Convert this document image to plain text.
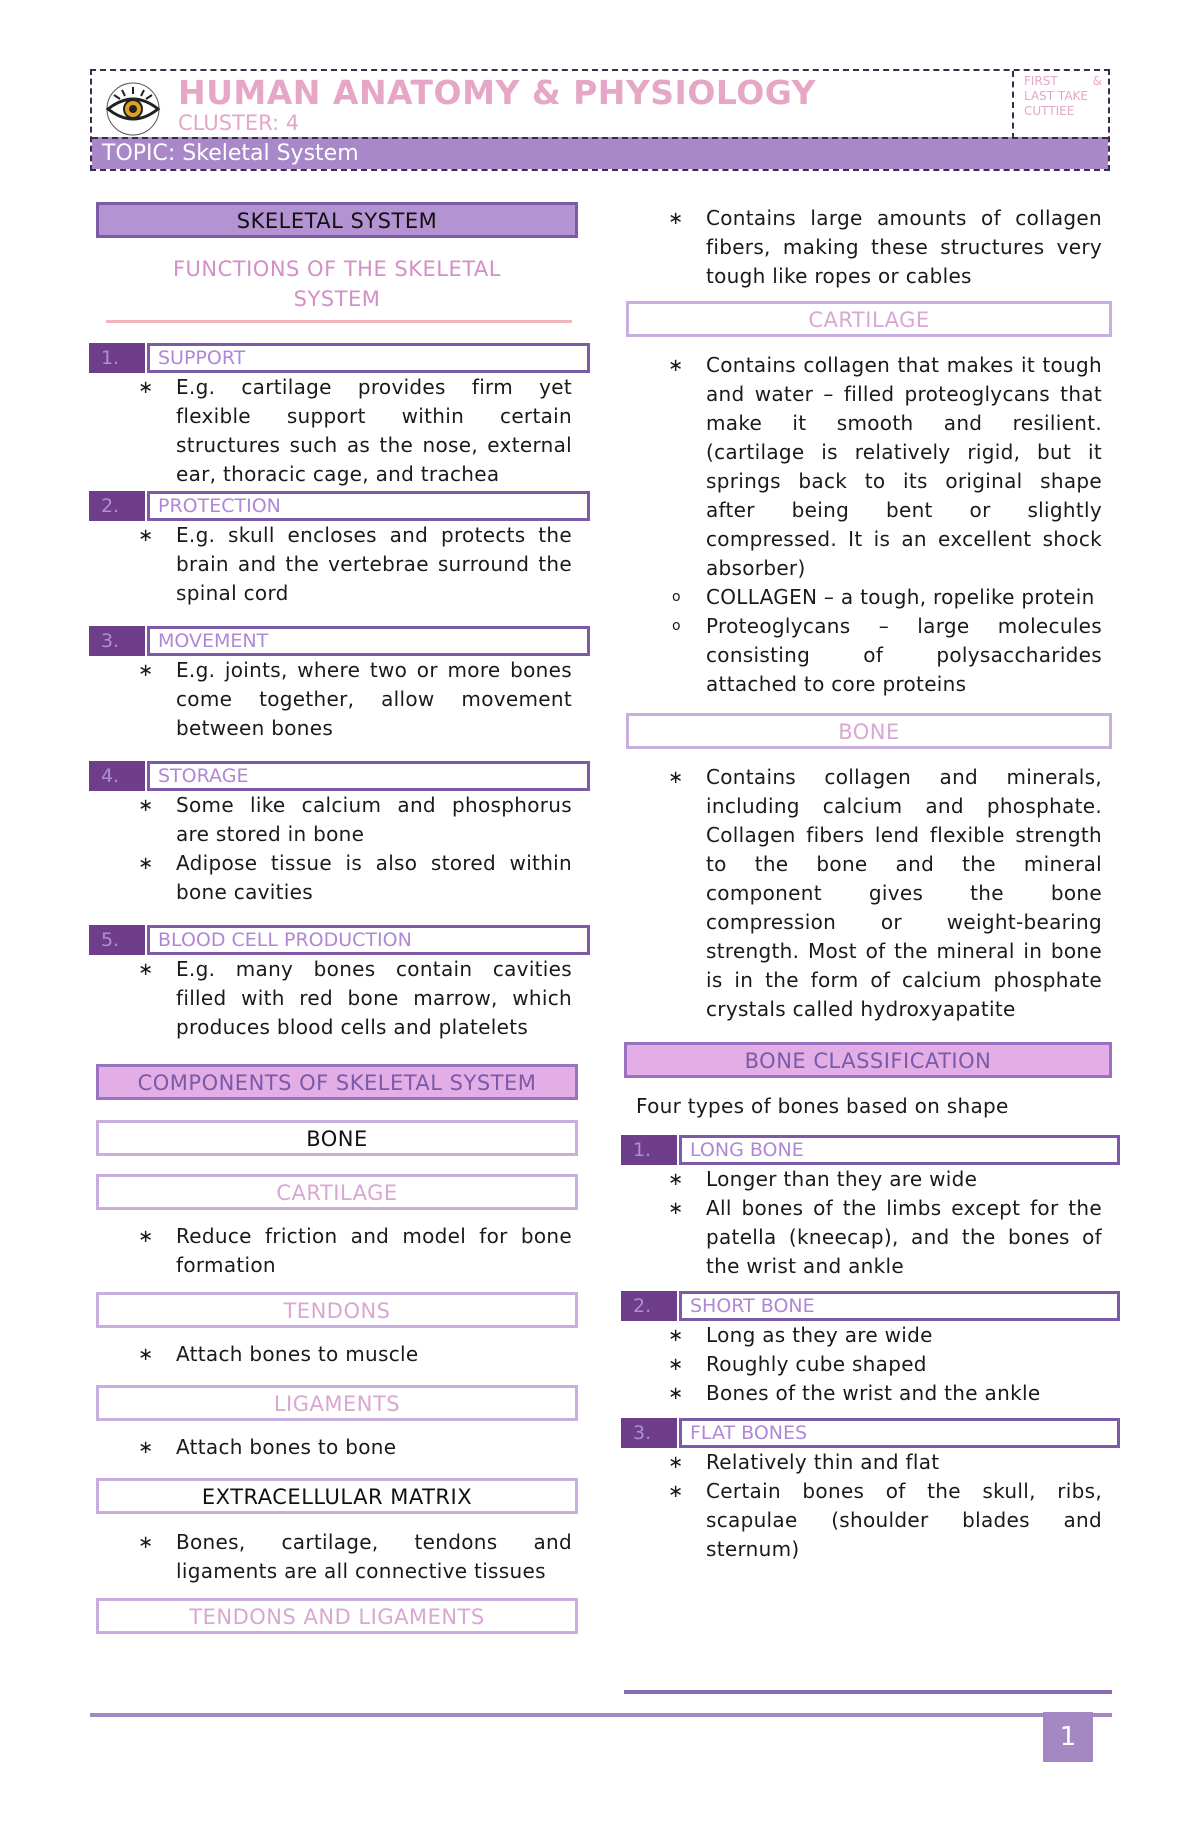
HUMAN ANATOMY & PHYSIOLOGY
CLUSTER: 4
FIRST	&
LAST TAKE
CUTTIEE
TOPIC: Skeletal System
SKELETAL SYSTEM
FUNCTIONS OF THE SKELETAL SYSTEM
1.	SUPPORT
∗ E.g. cartilage provides firm yet flexible support within certain structures such as the nose, external ear, thoracic cage, and trachea
2.	PROTECTION
∗ E.g. skull encloses and protects the brain and the vertebrae surround the spinal cord
3.	MOVEMENT
∗ E.g. joints, where two or more bones come together, allow movement between bones
4.	STORAGE
∗ Some like calcium and phosphorus are stored in bone
∗ Adipose tissue is also stored within bone cavities
5.	BLOOD CELL PRODUCTION
∗ E.g. many bones contain cavities filled with red bone marrow, which produces blood cells and platelets
COMPONENTS OF SKELETAL SYSTEM
BONE
CARTILAGE
∗ Reduce friction and model for bone formation
TENDONS
∗ Attach bones to muscle
LIGAMENTS
∗ Attach bones to bone
EXTRACELLULAR MATRIX
∗ Bones, cartilage, tendons and ligaments are all connective tissues
TENDONS AND LIGAMENTS
∗ Contains large amounts of collagen fibers, making these structures very tough like ropes or cables
CARTILAGE
∗ Contains collagen that makes it tough and water – filled proteoglycans that make it smooth and resilient. (cartilage is relatively rigid, but it springs back to its original shape after being bent or slightly compressed. It is an excellent shock absorber)
o COLLAGEN – a tough, ropelike protein
o Proteoglycans – large molecules consisting of polysaccharides attached to core proteins
BONE
∗ Contains collagen and minerals, including calcium and phosphate. Collagen fibers lend flexible strength to the bone and the mineral component gives the bone compression or weight-bearing strength. Most of the mineral in bone is in the form of calcium phosphate crystals called hydroxyapatite
BONE CLASSIFICATION
Four types of bones based on shape
1.	LONG BONE
∗ Longer than they are wide
∗ All bones of the limbs except for the patella (kneecap), and the bones of the wrist and ankle
2.	SHORT BONE
∗ Long as they are wide
∗ Roughly cube shaped
∗ Bones of the wrist and the ankle
3.	FLAT BONES
∗ Relatively thin and flat
∗ Certain bones of the skull, ribs, scapulae (shoulder blades and sternum)
1
